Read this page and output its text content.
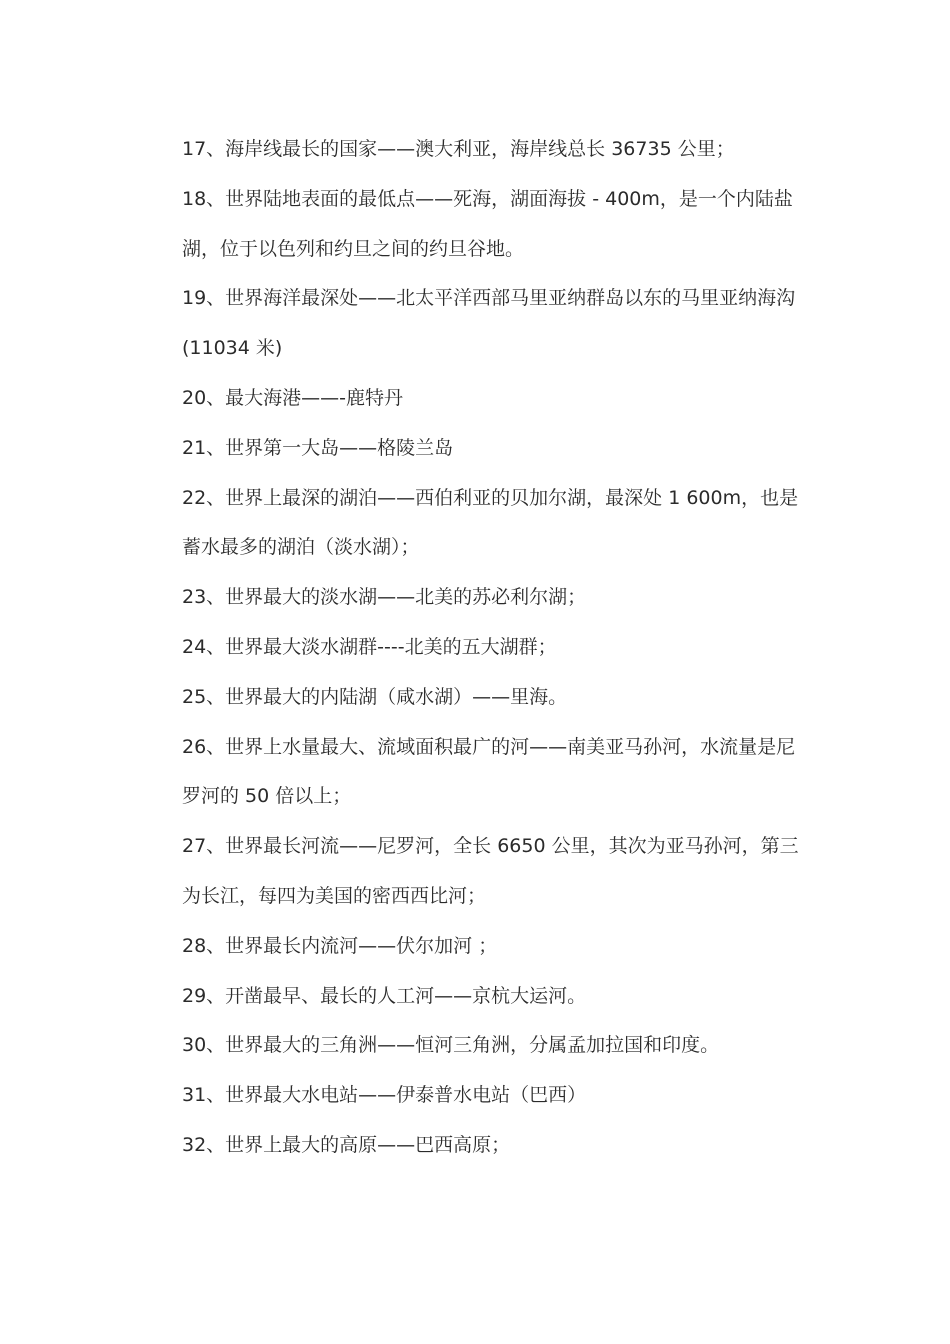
17、海岸线最长的国家——澳大利亚，海岸线总长 36735 公里；
18、世界陆地表面的最低点——死海，湖面海拔 - 400m，是一个内陆盐
湖，位于以色列和约旦之间的约旦谷地。
19、世界海洋最深处——北太平洋西部马里亚纳群岛以东的马里亚纳海沟
(11034 米)
20、最大海港——-鹿特丹
21、世界第一大岛——格陵兰岛
22、世界上最深的湖泊——西伯利亚的贝加尔湖，最深处 1 600m，也是
蓄水最多的湖泊（淡水湖）；
23、世界最大的淡水湖——北美的苏必利尔湖；
24、世界最大淡水湖群----北美的五大湖群；
25、世界最大的内陆湖（咸水湖）——里海。
26、世界上水量最大、流域面积最广的河——南美亚马孙河，水流量是尼
罗河的 50 倍以上；
27、世界最长河流——尼罗河，全长 6650 公里，其次为亚马孙河，第三
为长江，每四为美国的密西西比河；
28、世界最长内流河——伏尔加河 ；
29、开凿最早、最长的人工河——京杭大运河。
30、世界最大的三角洲——恒河三角洲，分属孟加拉国和印度。
31、世界最大水电站——伊泰普水电站（巴西）
32、世界上最大的高原——巴西高原；
